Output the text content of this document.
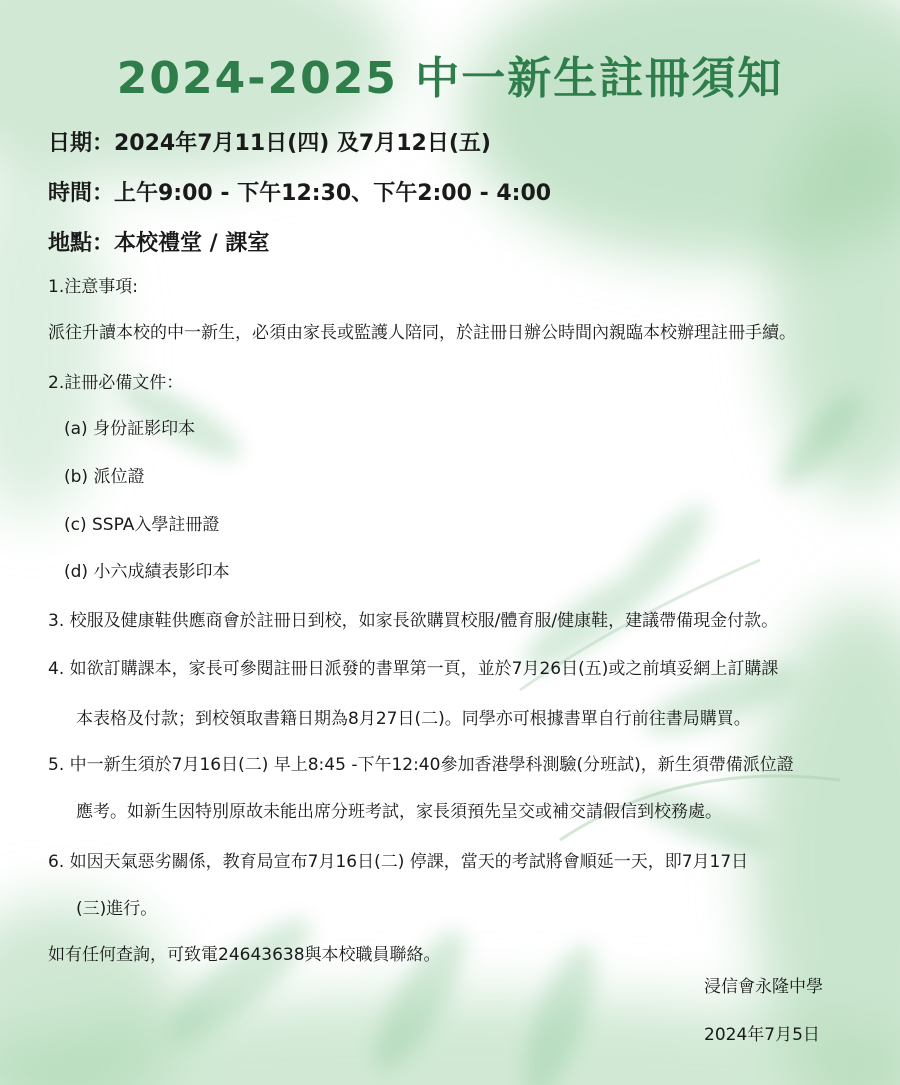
2024-2025 中一新生註冊須知
日期：2024年7月11日(四) 及7月12日(五)
時間：上午9:00 - 下午12:30、下午2:00 - 4:00
地點：本校禮堂 / 課室
1.注意事項:
派往升讀本校的中一新生，必須由家長或監護人陪同，於註冊日辦公時間內親臨本校辦理註冊手續。
2.註冊必備文件：
(a) 身份証影印本
(b) 派位證
(c) SSPA入學註冊證
(d) 小六成績表影印本
3. 校服及健康鞋供應商會於註冊日到校，如家長欲購買校服/體育服/健康鞋，建議帶備現金付款。
4. 如欲訂購課本，家長可參閱註冊日派發的書單第一頁，並於7月26日(五)或之前填妥網上訂購課
本表格及付款；到校領取書籍日期為8月27日(二)。同學亦可根據書單自行前往書局購買。
5. 中一新生須於7月16日(二) 早上8:45 -下午12:40參加香港學科測驗(分班試)，新生須帶備派位證
應考。如新生因特別原故未能出席分班考試，家長須預先呈交或補交請假信到校務處。
6. 如因天氣惡劣關係，教育局宣布7月16日(二) 停課，當天的考試將會順延一天，即7月17日
(三)進行。
如有任何查詢，可致電24643638與本校職員聯絡。
浸信會永隆中學
2024年7月5日
